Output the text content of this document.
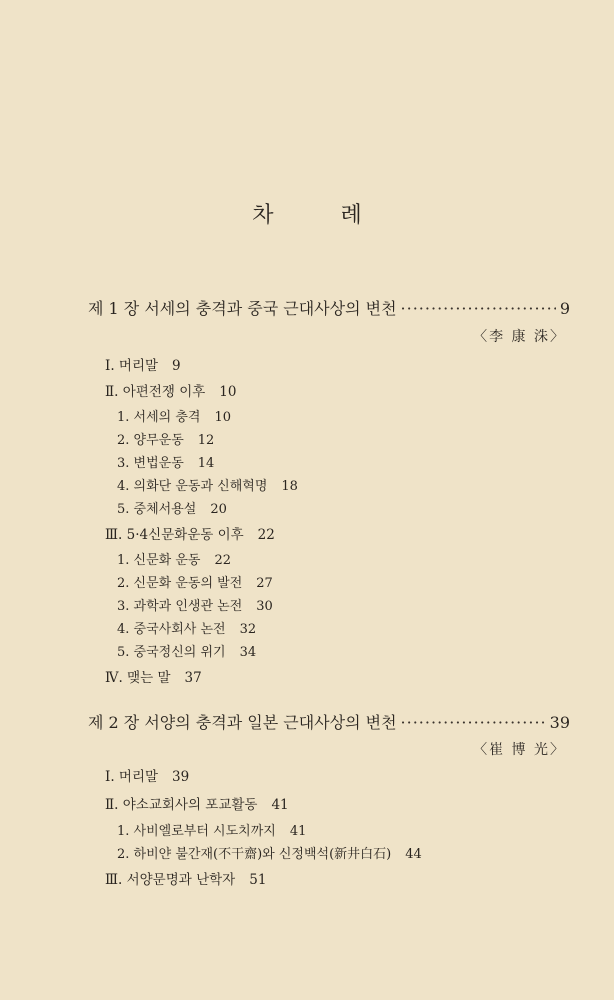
차 례
제 1 장 서세의 충격과 중국 근대사상의 변천 ·····	9
〈李 康 洙〉
Ⅰ. 머리말 9
Ⅱ. 아편전쟁 이후 10
1. 서세의 충격 10
2. 양무운동 12
3. 변법운동 14
4. 의화단 운동과 신해혁명 18
5. 중체서용설 20
Ⅲ. 5·4신문화운동 이후 22
1. 신문화 운동 22
2. 신문화 운동의 발전 27
3. 과학과 인생관 논전 30
4. 중국사회사 논전 32
5. 중국정신의 위기 34
Ⅳ. 맺는 말 37
제 2 장 서양의 충격과 일본 근대사상의 변천 ·····	39
〈崔 博 光〉
Ⅰ. 머리말 39
Ⅱ. 야소교회사의 포교활동 41
1. 사비엘로부터 시도치까지 41
2. 하비얀 불간재(不干齋)와 신정백석(新井白石) 44
Ⅲ. 서양문명과 난학자 51
